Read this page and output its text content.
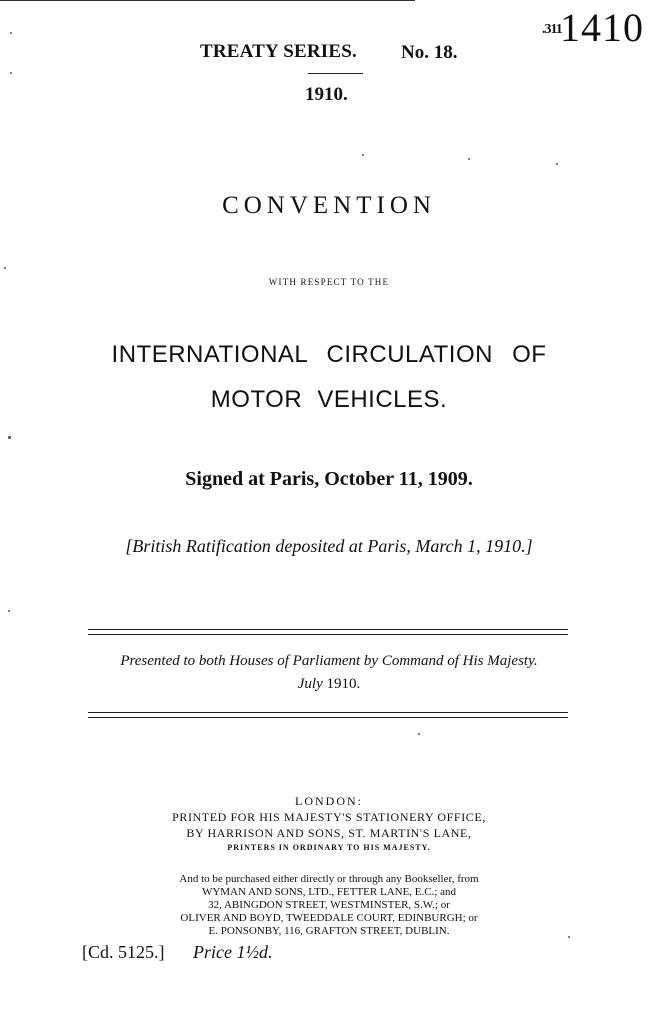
.311
1410
TREATY SERIES. No. 18.
1910.
CONVENTION
WITH RESPECT TO THE
INTERNATIONAL CIRCULATION OF
MOTOR VEHICLES.
Signed at Paris, October 11, 1909.
[British Ratification deposited at Paris, March 1, 1910.]
Presented to both Houses of Parliament by Command of His Majesty.
July 1910.
LONDON:
PRINTED FOR HIS MAJESTY'S STATIONERY OFFICE,
BY HARRISON AND SONS, ST. MARTIN'S LANE,
PRINTERS IN ORDINARY TO HIS MAJESTY.
And to be purchased either directly or through any Bookseller, from
WYMAN AND SONS, LTD., FETTER LANE, E.C.; and
32, ABINGDON STREET, WESTMINSTER, S.W.; or
OLIVER AND BOYD, TWEEDDALE COURT, EDINBURGH; or
E. PONSONBY, 116, GRAFTON STREET, DUBLIN.
[Cd. 5125.] Price 1½d.
